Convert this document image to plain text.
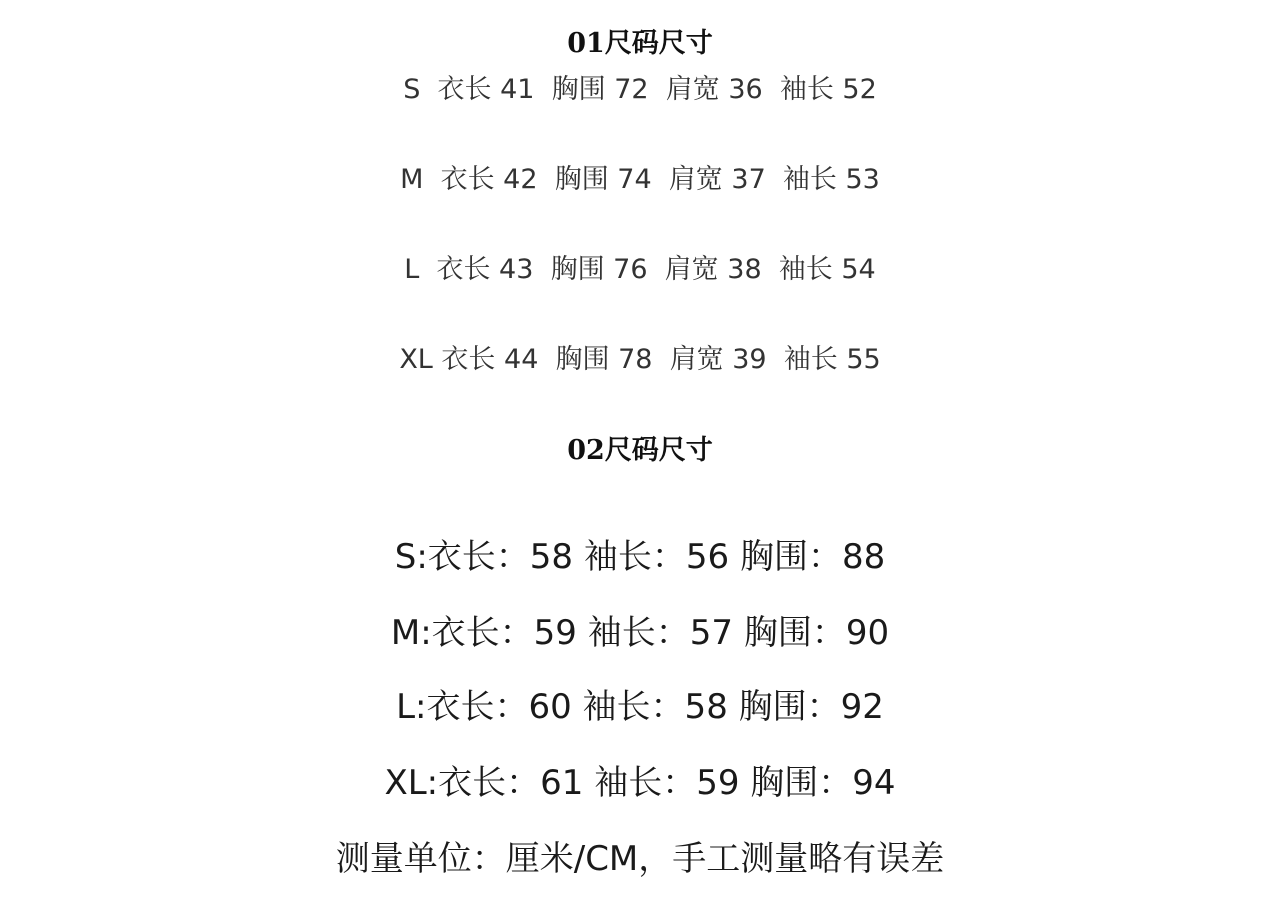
01尺码尺寸
S  衣长 41  胸围 72  肩宽 36  袖长 52
M  衣长 42  胸围 74  肩宽 37  袖长 53
L  衣长 43  胸围 76  肩宽 38  袖长 54
XL 衣长 44  胸围 78  肩宽 39  袖长 55
02尺码尺寸
S:衣长：58 袖长：56 胸围：88
M:衣长：59 袖长：57 胸围：90
L:衣长：60 袖长：58 胸围：92
XL:衣长：61 袖长：59 胸围：94
测量单位：厘米/CM，手工测量略有误差
